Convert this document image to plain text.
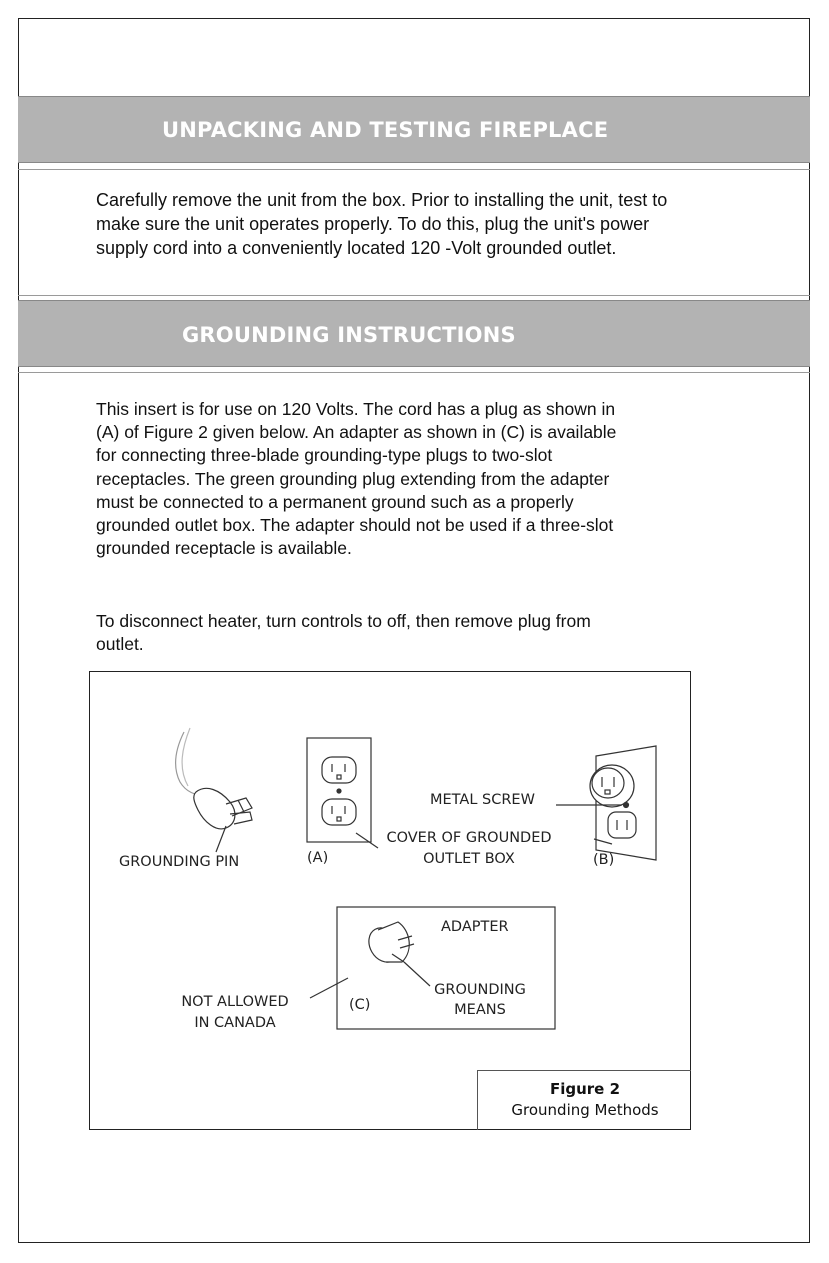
UNPACKING AND TESTING FIREPLACE
Carefully remove the unit from the box. Prior to installing the unit, test to make sure the unit operates properly. To do this, plug the unit's power supply cord into a conveniently located 120 -Volt grounded outlet.
GROUNDING INSTRUCTIONS
This insert is for use on 120 Volts. The cord has a plug as shown in (A) of Figure 2 given below. An adapter as shown in (C) is available for connecting three-blade grounding-type plugs to two-slot receptacles. The green grounding plug extending from the adapter must be connected to a permanent ground such as a properly grounded outlet box. The adapter should not be used if a three-slot grounded receptacle is available.
To disconnect heater, turn controls to off, then remove plug from outlet.
GROUNDING PIN	(A)
METAL SCREW
COVER OF GROUNDED
OUTLET BOX	(B)
ADAPTER
GROUNDING
MEANS
(C)
NOT ALLOWED
IN CANADA
Figure 2
Grounding Methods
